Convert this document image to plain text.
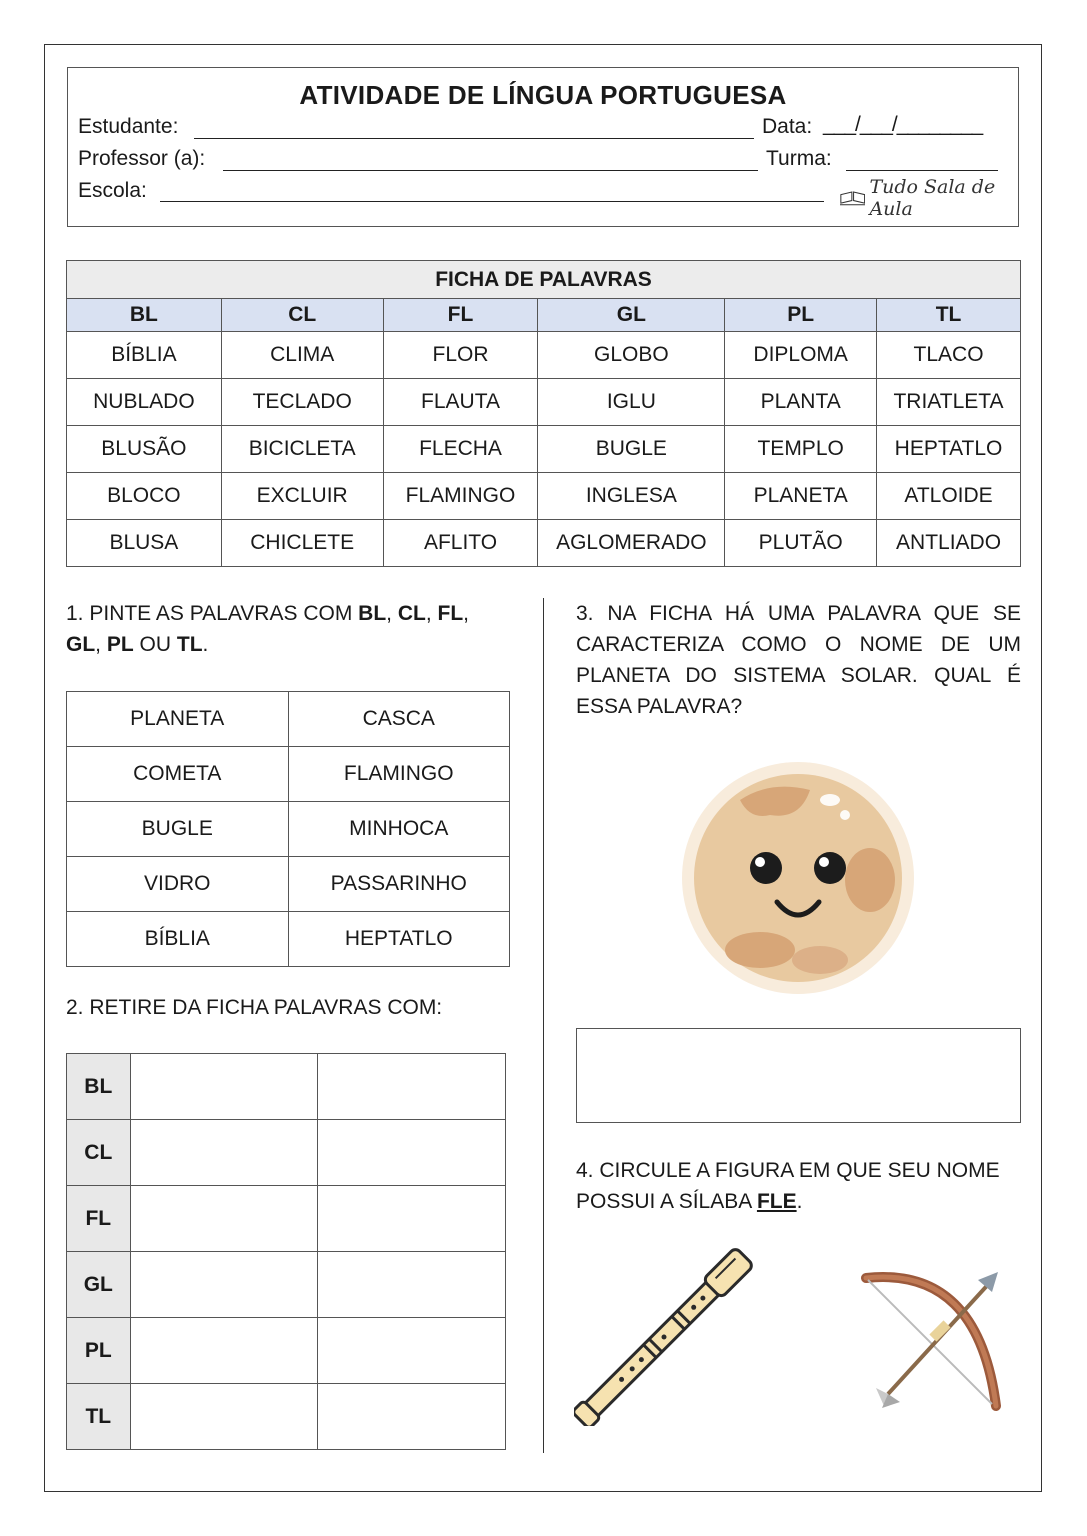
ATIVIDADE DE LÍNGUA PORTUGUESA
Estudante:	Data: ___/___/________
Professor (a):	Turma:
Escola:	Tudo Sala de Aula
FICHA DE PALAVRAS					
BL	CL	FL	GL	PL	TL
BÍBLIA	CLIMA	FLOR	GLOBO	DIPLOMA	TLACO
NUBLADO	TECLADO	FLAUTA	IGLU	PLANTA	TRIATLETA
BLUSÃO	BICICLETA	FLECHA	BUGLE	TEMPLO	HEPTATLO
BLOCO	EXCLUIR	FLAMINGO	INGLESA	PLANETA	ATLOIDE
BLUSA	CHICLETE	AFLITO	AGLOMERADO	PLUTÃO	ANTLIADO
1. PINTE AS PALAVRAS COM BL, CL, FL,
GL, PL OU TL.
PLANETA	CASCA
COMETA	FLAMINGO
BUGLE	MINHOCA
VIDRO	PASSARINHO
BÍBLIA	HEPTATLO
2. RETIRE DA FICHA PALAVRAS COM:
BL		
CL		
FL		
GL		
PL		
TL		
3. NA FICHA HÁ UMA PALAVRA QUE SE CARACTERIZA COMO O NOME DE UM PLANETA DO SISTEMA SOLAR. QUAL É ESSA PALAVRA?
4. CIRCULE A FIGURA EM QUE SEU NOME POSSUI A SÍLABA FLE.
